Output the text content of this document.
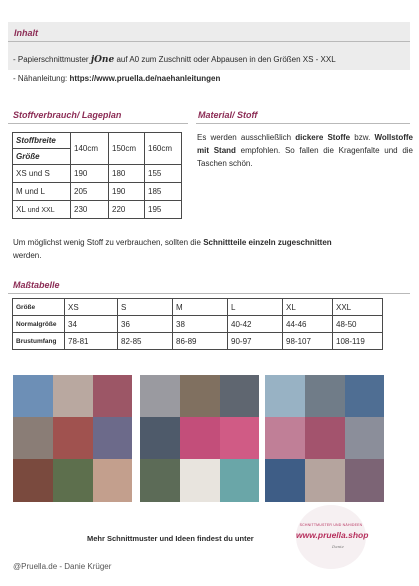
Inhalt
- Papierschnittmuster jOne auf A0 zum Zuschnitt oder Abpausen in den Größen XS - XXL
- Nähanleitung: https://www.pruella.de/naehanleitungen
Stoffverbrauch/ Lageplan
Stoffbreite	140cm	150cm	160cm
Größe			
XS und S	190	180	155
M und L	205	190	185
XL und XXL	230	220	195
Material/ Stoff
Es werden ausschließlich dickere Stoffe bzw. Wollstoffe mit Stand empfohlen. So fallen die Kragenfalte und die Taschen schön.
Um möglichst wenig Stoff zu verbrauchen, sollten die Schnittteile einzeln zugeschnitten
werden.
Maßtabelle
Größe	XS	S	M	L	XL	XXL
Normalgröße	34	36	38	40-42	44-46	48-50
Brustumfang	78-81	82-85	86-89	90-97	98-107	108-119
Mehr Schnittmuster und Ideen findest du unter
SCHNITTMUSTER UND NÄHIDEEN
www.pruella.shop
Danie
@Pruella.de - Danie Krüger
